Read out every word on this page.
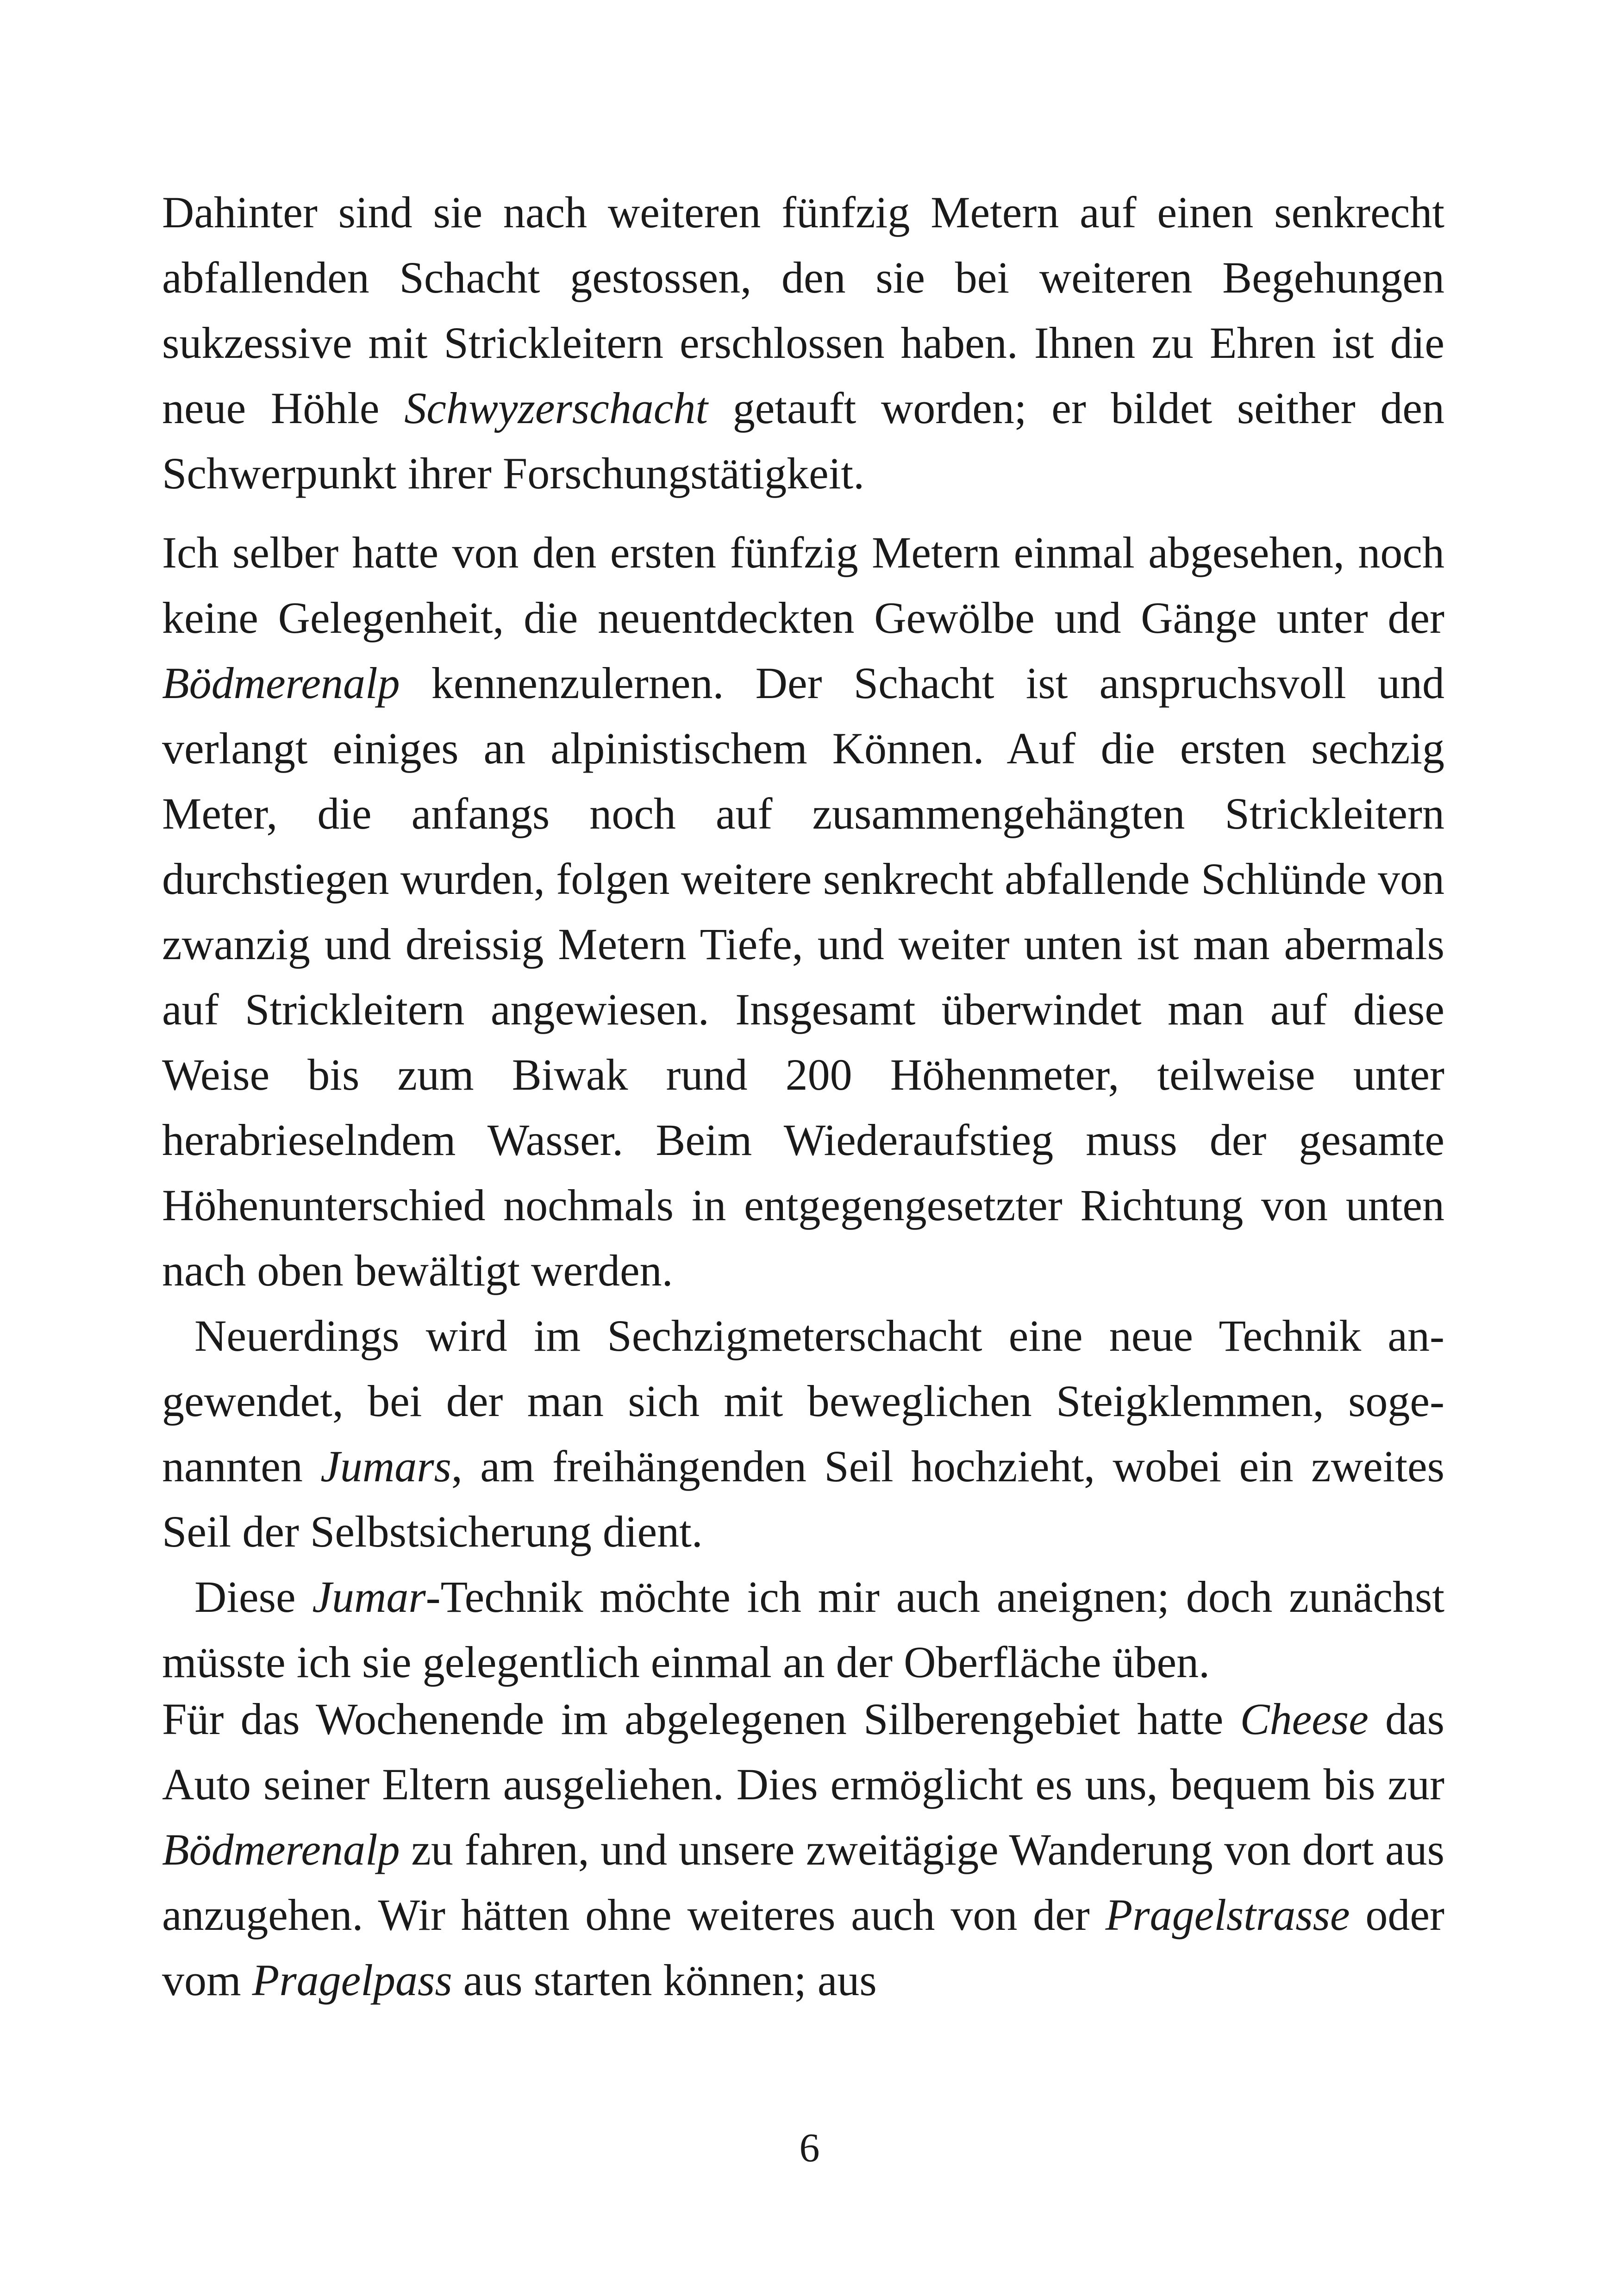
Dahinter sind sie nach weiteren fünfzig Metern auf einen senkrecht abfallenden Schacht gestossen, den sie bei weiteren Begehungen sukzessive mit Strickleitern erschlossen haben. Ihnen zu Ehren ist die neue Höhle Schwyzerschacht getauft worden; er bildet seither den Schwerpunkt ihrer Forschungstätigkeit.

Ich selber hatte von den ersten fünfzig Metern einmal abgesehen, noch keine Gelegenheit, die neuentdeckten Gewölbe und Gänge unter der Bödmerenalp kennenzulernen. Der Schacht ist anspruchsvoll und verlangt einiges an alpinistischem Können. Auf die ersten sechzig Meter, die anfangs noch auf zusammengehängten Strickleitern durchstiegen wurden, folgen weitere senkrecht abfallende Schlünde von zwanzig und dreissig Metern Tiefe, und weiter unten ist man abermals auf Strickleitern angewiesen. Insgesamt überwindet man auf diese Weise bis zum Biwak rund 200 Höhenmeter, teilweise unter herabrieselndem Wasser. Beim Wiederaufstieg muss der gesamte Höhenunterschied nochmals in entgegengesetzter Richtung von unten nach oben bewältigt werden.

Neuerdings wird im Sechzigmeterschacht eine neue Technik angewendet, bei der man sich mit beweglichen Steigklemmen, sogenannten Jumars, am freihängenden Seil hochzieht, wobei ein zweites Seil der Selbstsicherung dient.

Diese Jumar-Technik möchte ich mir auch aneignen; doch zunächst müsste ich sie gelegentlich einmal an der Oberfläche üben.

Für das Wochenende im abgelegenen Silberengebiet hatte Cheese das Auto seiner Eltern ausgeliehen. Dies ermöglicht es uns, bequem bis zur Bödmerenalp zu fahren, und unsere zweitägige Wanderung von dort aus anzugehen. Wir hätten ohne weiteres auch von der Pragelstrasse oder vom Pragelpass aus starten können; aus

6
